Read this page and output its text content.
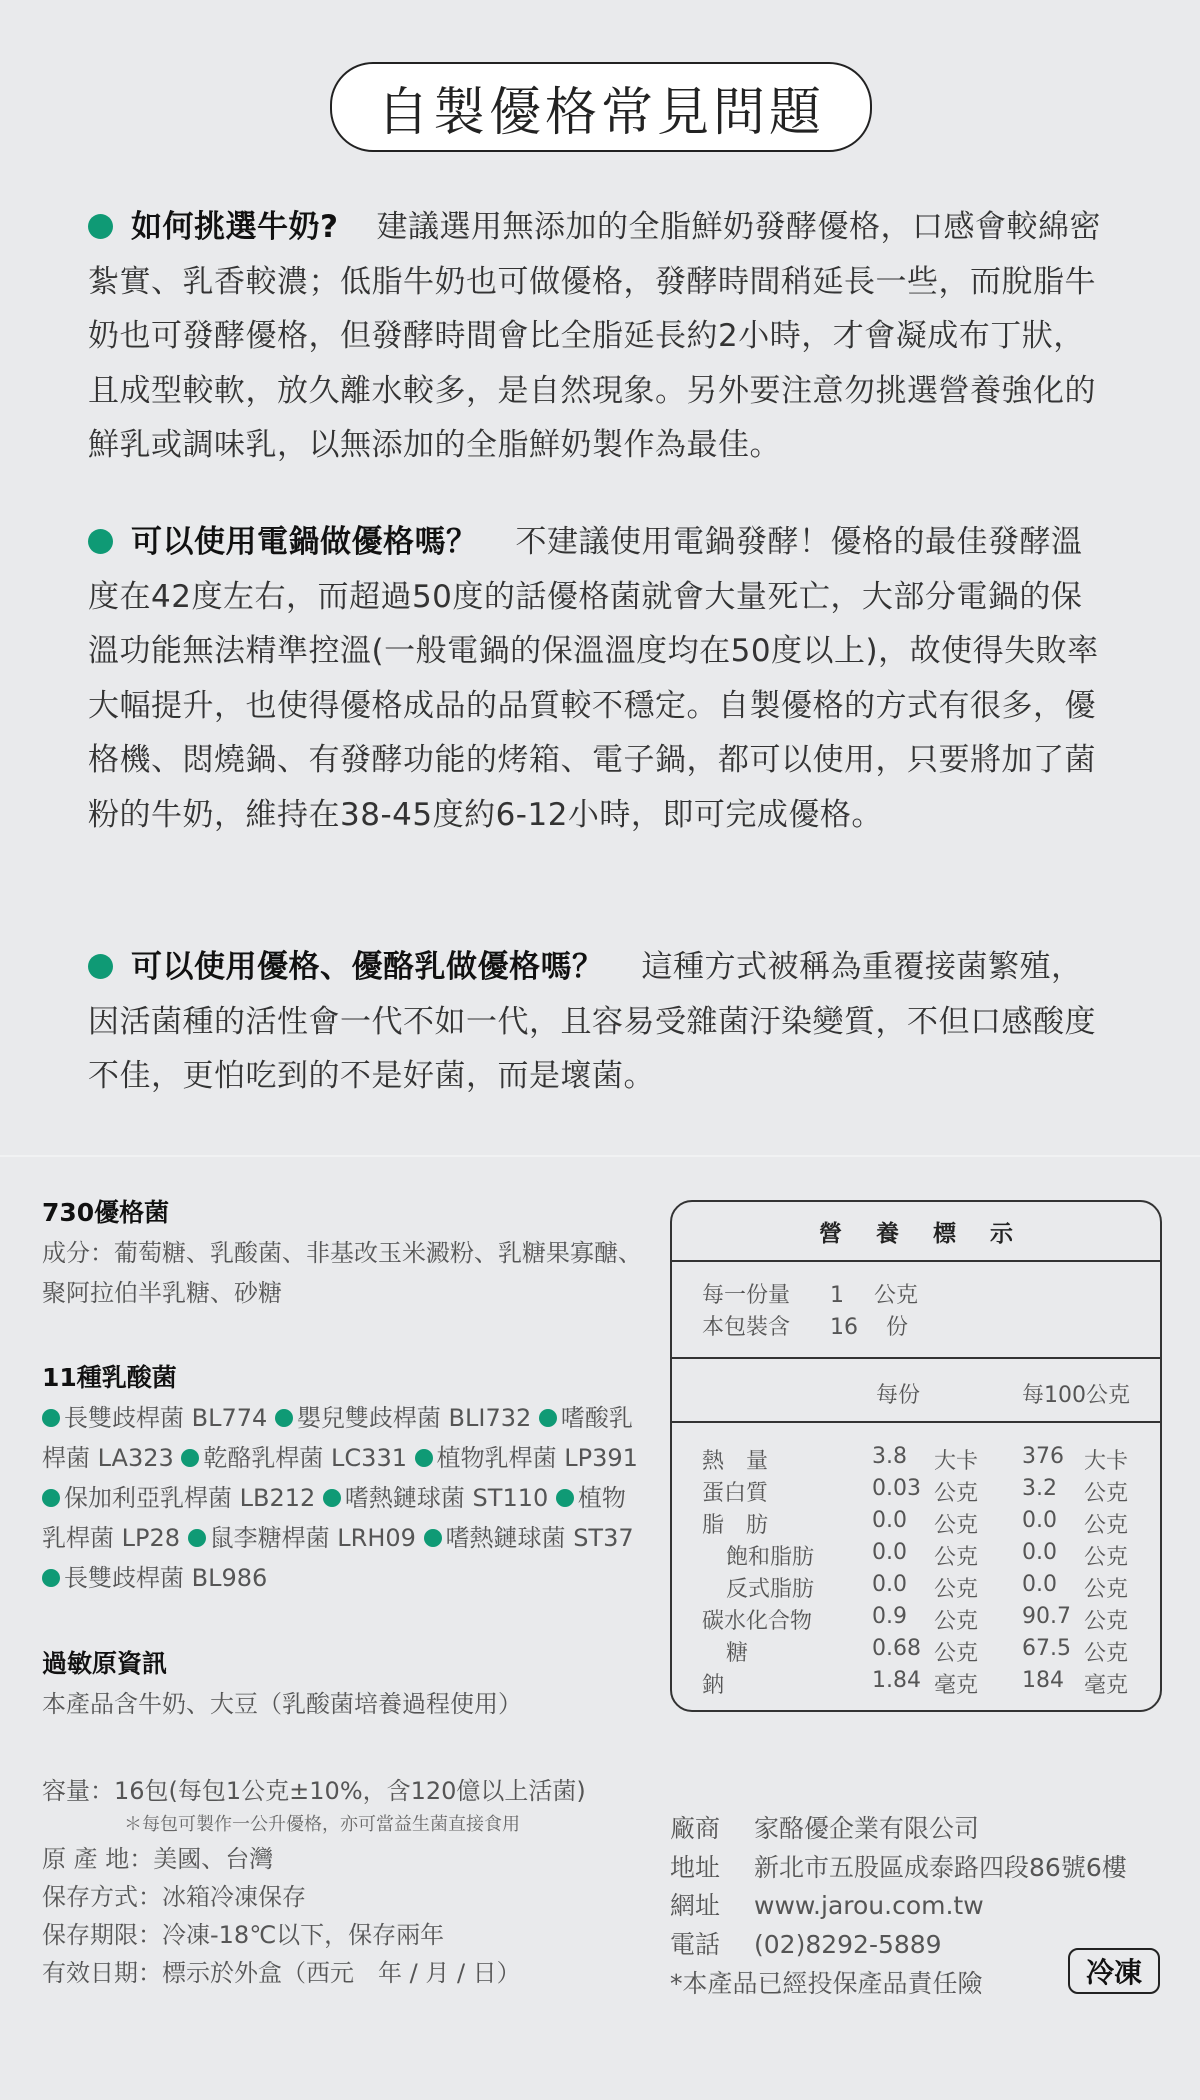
自製優格常見問題
如何挑選牛奶? 建議選用無添加的全脂鮮奶發酵優格，口感會較綿密紮實、乳香較濃；低脂牛奶也可做優格，發酵時間稍延長一些，而脫脂牛奶也可發酵優格，但發酵時間會比全脂延長約2小時，才會凝成布丁狀，且成型較軟，放久離水較多，是自然現象。另外要注意勿挑選營養強化的鮮乳或調味乳，以無添加的全脂鮮奶製作為最佳。
可以使用電鍋做優格嗎？ 不建議使用電鍋發酵！優格的最佳發酵溫度在42度左右，而超過50度的話優格菌就會大量死亡，大部分電鍋的保溫功能無法精準控溫(一般電鍋的保溫溫度均在50度以上)，故使得失敗率大幅提升，也使得優格成品的品質較不穩定。自製優格的方式有很多，優格機、悶燒鍋、有發酵功能的烤箱、電子鍋，都可以使用，只要將加了菌粉的牛奶，維持在38-45度約6-12小時，即可完成優格。
可以使用優格、優酪乳做優格嗎？ 這種方式被稱為重覆接菌繁殖，因活菌種的活性會一代不如一代，且容易受雜菌汙染變質，不但口感酸度不佳，更怕吃到的不是好菌，而是壞菌。
730優格菌
成分：葡萄糖、乳酸菌、非基改玉米澱粉、乳糖果寡醣、聚阿拉伯半乳糖、砂糖
11種乳酸菌
長雙歧桿菌 BL774 嬰兒雙歧桿菌 BLI732 嗜酸乳桿菌 LA323 乾酪乳桿菌 LC331 植物乳桿菌 LP391 保加利亞乳桿菌 LB212 嗜熱鏈球菌 ST110 植物乳桿菌 LP28 鼠李糖桿菌 LRH09 嗜熱鏈球菌 ST37 長雙歧桿菌 BL986
過敏原資訊
本產品含牛奶、大豆（乳酸菌培養過程使用）
營養標示
每一份量 1 公克
本包裝含 16 份
每份	每100公克
熱　量	3.8 大卡 376 大卡
蛋白質	0.03 公克 3.2 公克
脂　肪	0.0 公克 0.0 公克
飽和脂肪	0.0 公克 0.0 公克
反式脂肪	0.0 公克 0.0 公克
碳水化合物	0.9 公克 90.7 公克
糖	0.68 公克 67.5 公克
鈉	1.84 毫克 184 毫克
容量：16包(每包1公克±10%，含120億以上活菌)
＊每包可製作一公升優格，亦可當益生菌直接食用
原 產 地：美國、台灣
保存方式：冰箱冷凍保存
保存期限：冷凍-18℃以下，保存兩年
有效日期：標示於外盒（西元　年 / 月 / 日）
廠商 家酪優企業有限公司
地址 新北市五股區成泰路四段86號6樓
網址 www.jarou.com.tw
電話 (02)8292-5889
*本產品已經投保產品責任險	冷凍
